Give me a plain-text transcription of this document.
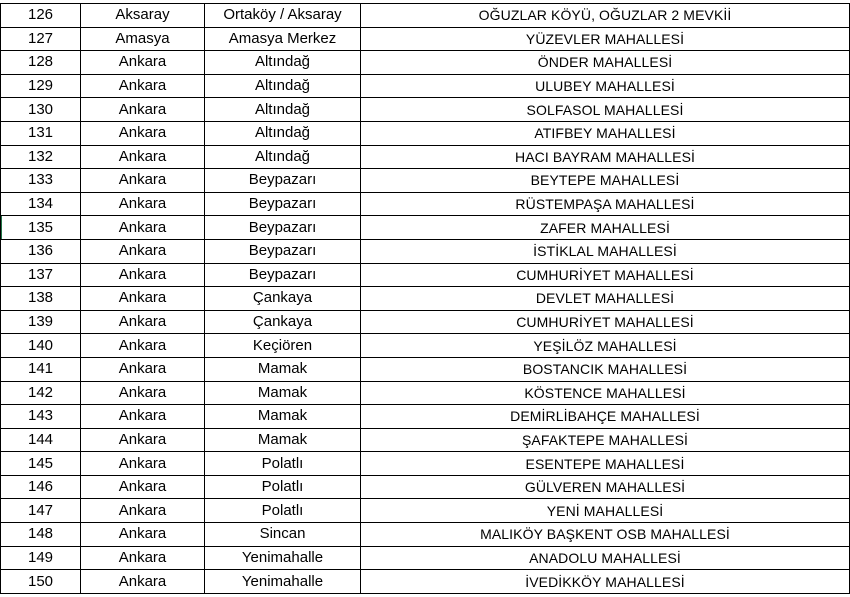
126	Aksaray	Ortaköy / Aksaray	OĞUZLAR KÖYÜ, OĞUZLAR 2 MEVKİİ
127	Amasya	Amasya Merkez	YÜZEVLER MAHALLESİ
128	Ankara	Altındağ	ÖNDER MAHALLESİ
129	Ankara	Altındağ	ULUBEY MAHALLESİ
130	Ankara	Altındağ	SOLFASOL MAHALLESİ
131	Ankara	Altındağ	ATIFBEY MAHALLESİ
132	Ankara	Altındağ	HACI BAYRAM MAHALLESİ
133	Ankara	Beypazarı	BEYTEPE MAHALLESİ
134	Ankara	Beypazarı	RÜSTEMPAŞA MAHALLESİ
135	Ankara	Beypazarı	ZAFER MAHALLESİ
136	Ankara	Beypazarı	İSTİKLAL MAHALLESİ
137	Ankara	Beypazarı	CUMHURİYET MAHALLESİ
138	Ankara	Çankaya	DEVLET MAHALLESİ
139	Ankara	Çankaya	CUMHURİYET MAHALLESİ
140	Ankara	Keçiören	YEŞİLÖZ MAHALLESİ
141	Ankara	Mamak	BOSTANCIK MAHALLESİ
142	Ankara	Mamak	KÖSTENCE MAHALLESİ
143	Ankara	Mamak	DEMİRLİBAHÇE MAHALLESİ
144	Ankara	Mamak	ŞAFAKTEPE MAHALLESİ
145	Ankara	Polatlı	ESENTEPE MAHALLESİ
146	Ankara	Polatlı	GÜLVEREN MAHALLESİ
147	Ankara	Polatlı	YENİ MAHALLESİ
148	Ankara	Sincan	MALIKÖY BAŞKENT OSB MAHALLESİ
149	Ankara	Yenimahalle	ANADOLU MAHALLESİ
150	Ankara	Yenimahalle	İVEDİKKÖY MAHALLESİ
